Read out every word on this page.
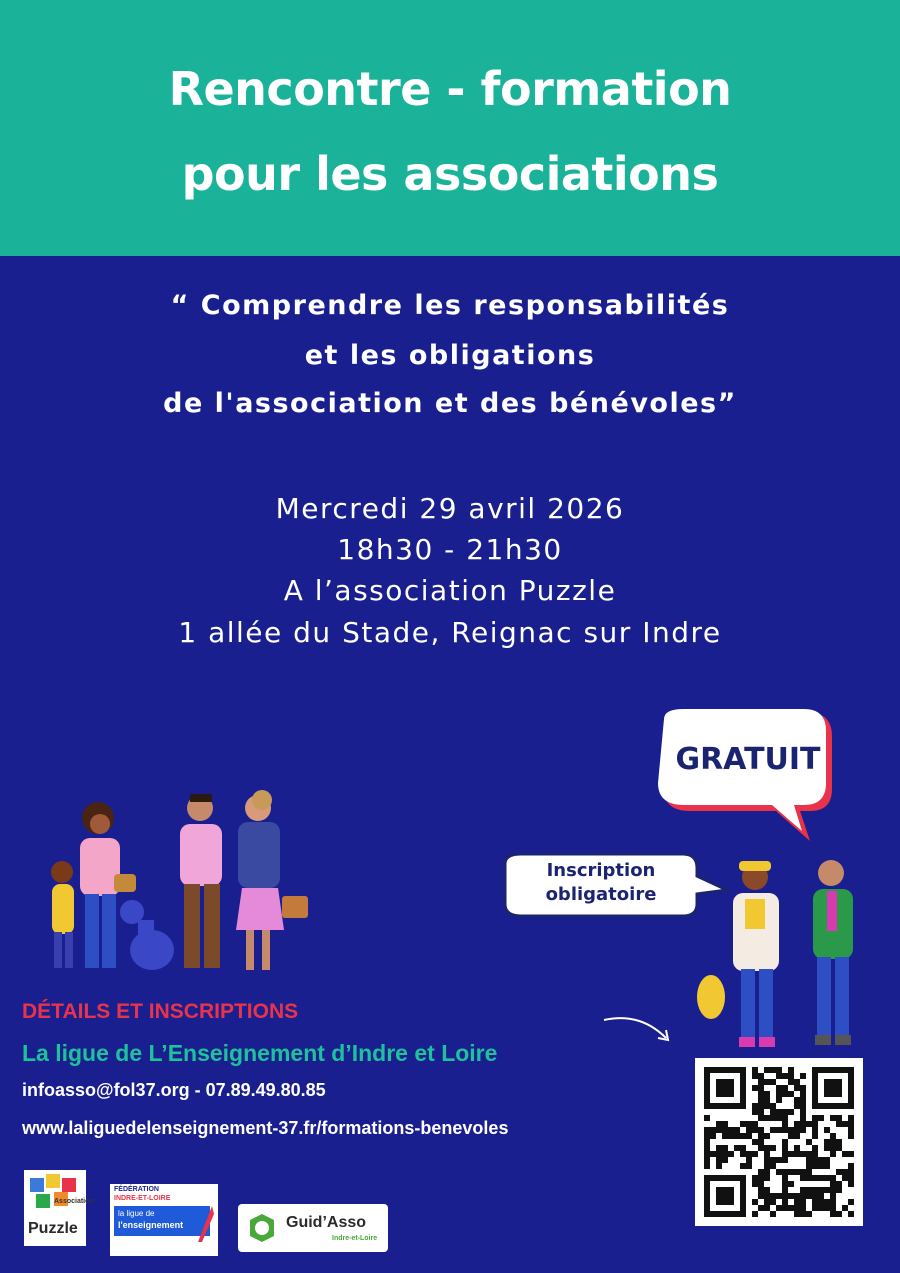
Rencontre - formation
pour les associations
“ Comprendre les responsabilités
et les obligations
de l'association et des bénévoles”
Mercredi 29 avril 2026
18h30 - 21h30
A l’association Puzzle
1 allée du Stade, Reignac sur Indre
GRATUIT
Inscription
obligatoire
DÉTAILS ET INSCRIPTIONS
La ligue de L’Enseignement d’Indre et Loire
infoasso@fol37.org - 07.89.49.80.85
www.laliguedelenseignement-37.fr/formations-benevoles
Association
Puzzle
FÉDÉRATION
INDRE-ET-LOIRE
la ligue de
l'enseignement	Guid’Asso
Indre-et-Loire
